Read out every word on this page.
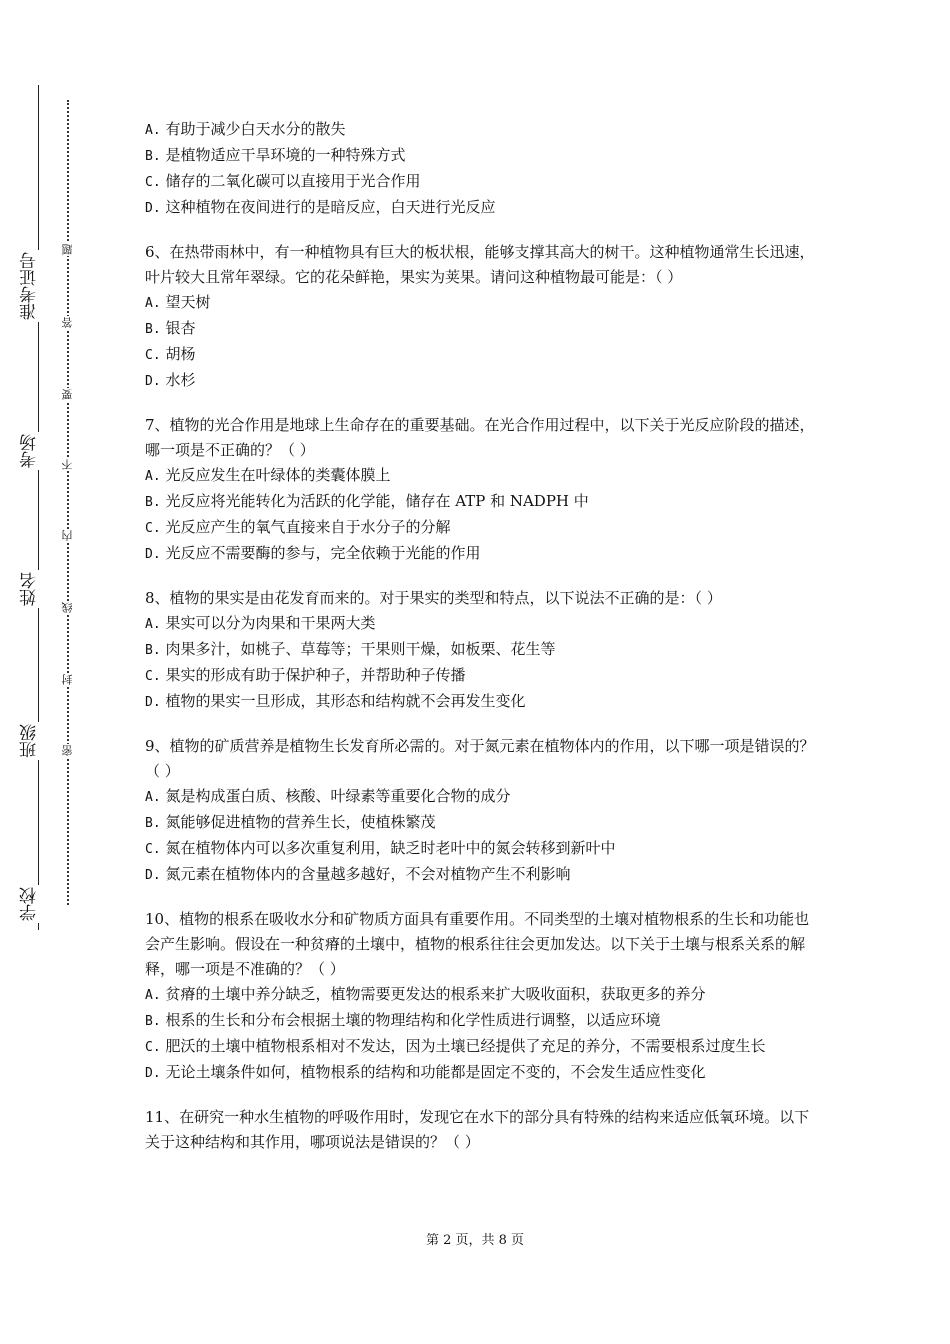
准考证号
考场
姓名
班级
学校
题
答
要
不
内
线
封
密

A. 有助于减少白天水分的散失

B. 是植物适应干旱环境的一种特殊方式

C. 储存的二氧化碳可以直接用于光合作用

D. 这种植物在夜间进行的是暗反应，白天进行光反应

6、在热带雨林中，有一种植物具有巨大的板状根，能够支撑其高大的树干。这种植物通常生长迅速，叶片较大且常年翠绿。它的花朵鲜艳，果实为荚果。请问这种植物最可能是：（ ）

A. 望天树

B. 银杏

C. 胡杨

D. 水杉

7、植物的光合作用是地球上生命存在的重要基础。在光合作用过程中，以下关于光反应阶段的描述，哪一项是不正确的？（ ）

A. 光反应发生在叶绿体的类囊体膜上

B. 光反应将光能转化为活跃的化学能，储存在 ATP 和 NADPH 中

C. 光反应产生的氧气直接来自于水分子的分解

D. 光反应不需要酶的参与，完全依赖于光能的作用

8、植物的果实是由花发育而来的。对于果实的类型和特点，以下说法不正确的是：（ ）

A. 果实可以分为肉果和干果两大类

B. 肉果多汁，如桃子、草莓等；干果则干燥，如板栗、花生等

C. 果实的形成有助于保护种子，并帮助种子传播

D. 植物的果实一旦形成，其形态和结构就不会再发生变化

9、植物的矿质营养是植物生长发育所必需的。对于氮元素在植物体内的作用，以下哪一项是错误的？（ ）

A. 氮是构成蛋白质、核酸、叶绿素等重要化合物的成分

B. 氮能够促进植物的营养生长，使植株繁茂

C. 氮在植物体内可以多次重复利用，缺乏时老叶中的氮会转移到新叶中

D. 氮元素在植物体内的含量越多越好，不会对植物产生不利影响

10、植物的根系在吸收水分和矿物质方面具有重要作用。不同类型的土壤对植物根系的生长和功能也会产生影响。假设在一种贫瘠的土壤中，植物的根系往往会更加发达。以下关于土壤与根系关系的解释，哪一项是不准确的？（ ）

A. 贫瘠的土壤中养分缺乏，植物需要更发达的根系来扩大吸收面积，获取更多的养分

B. 根系的生长和分布会根据土壤的物理结构和化学性质进行调整，以适应环境

C. 肥沃的土壤中植物根系相对不发达，因为土壤已经提供了充足的养分，不需要根系过度生长

D. 无论土壤条件如何，植物根系的结构和功能都是固定不变的，不会发生适应性变化

11、在研究一种水生植物的呼吸作用时，发现它在水下的部分具有特殊的结构来适应低氧环境。以下关于这种结构和其作用，哪项说法是错误的？（ ）

第 2 页，共 8 页
